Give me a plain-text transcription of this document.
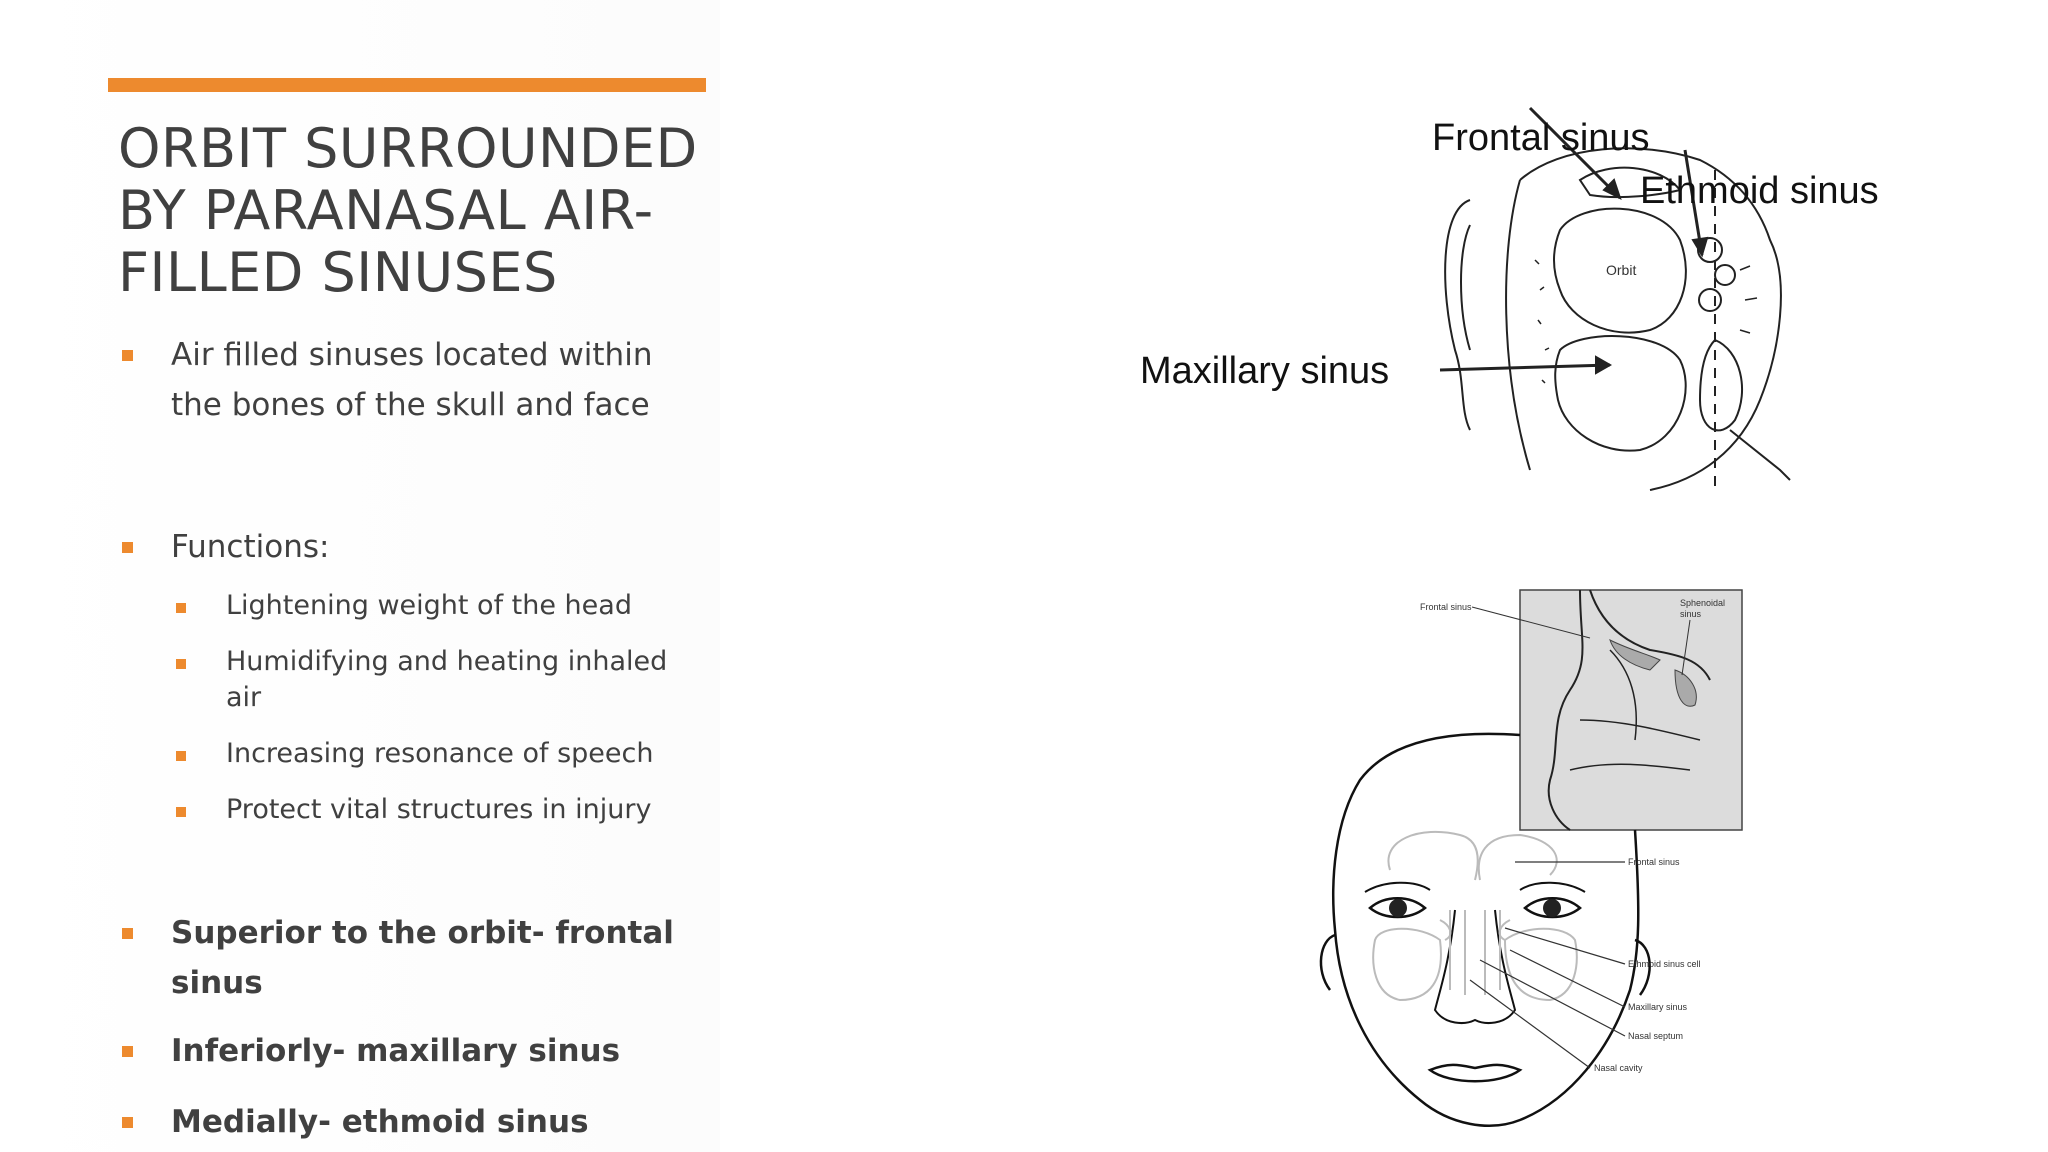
ORBIT SURROUNDED
BY PARANASAL AIR-
FILLED SINUSES
Air filled sinuses located within
the bones of the skull and face
Functions:
Lightening weight of the head
Humidifying and heating inhaled
air
Increasing resonance of speech
Protect vital structures in injury
Superior to the orbit- frontal
sinus
Inferiorly- maxillary sinus
Medially- ethmoid sinus
Frontal sinus
Ethmoid sinus
Maxillary sinus
Orbit
Frontal sinus	Sphenoidal
sinus
Frontal sinus
Ethmoid sinus cell
Maxillary sinus
Nasal septum
Nasal cavity
